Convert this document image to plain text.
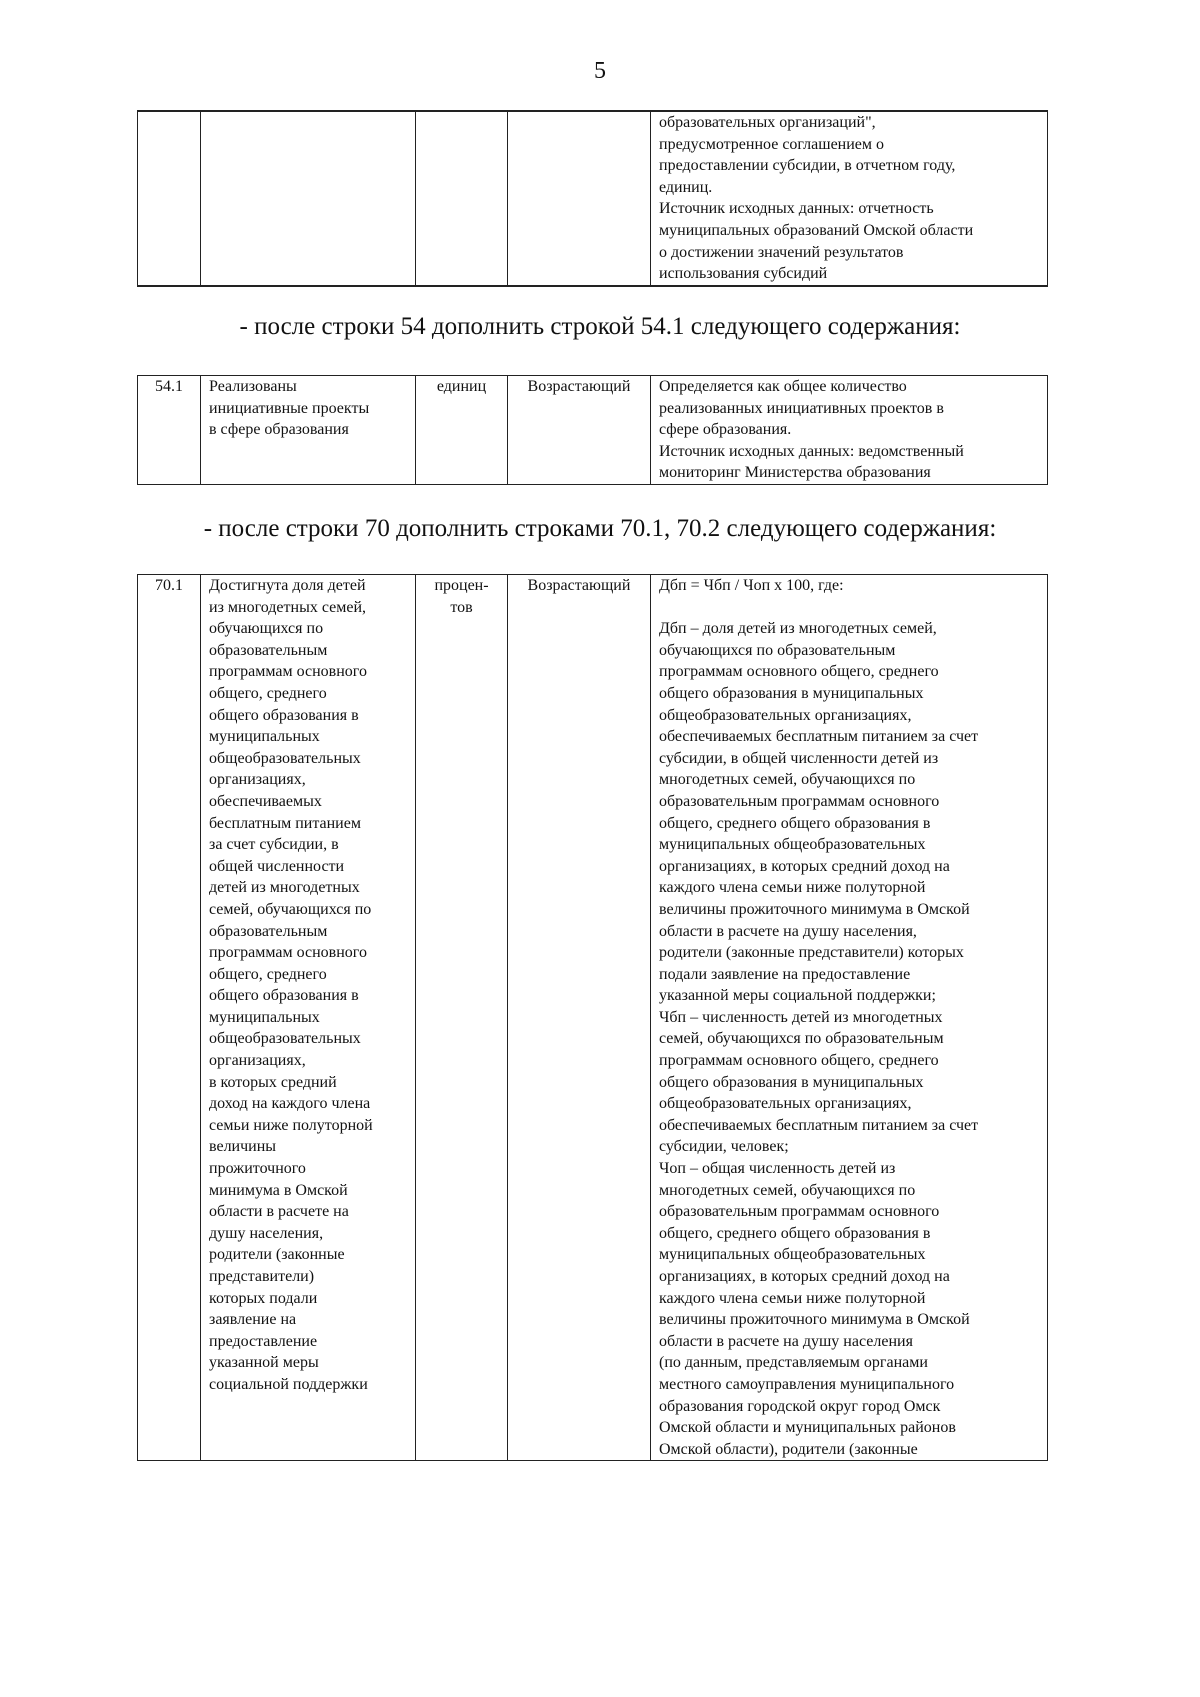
5
				образовательных организаций",
предусмотренное соглашением о
предоставлении субсидии, в отчетном году,
единиц.
Источник исходных данных: отчетность
муниципальных образований Омской области
о достижении значений результатов
использования субсидий
- после строки 54 дополнить строкой 54.1 следующего содержания:
54.1	Реализованы
инициативные проекты
в сфере образования	единиц	Возрастающий	Определяется как общее количество
реализованных инициативных проектов в
сфере образования.
Источник исходных данных: ведомственный
мониторинг Министерства образования
- после строки 70 дополнить строками 70.1, 70.2 следующего содержания:
70.1	Достигнута доля детей
из многодетных семей,
обучающихся по
образовательным
программам основного
общего, среднего
общего образования в
муниципальных
общеобразовательных
организациях,
обеспечиваемых
бесплатным питанием
за счет субсидии, в
общей численности
детей из многодетных
семей, обучающихся по
образовательным
программам основного
общего, среднего
общего образования в
муниципальных
общеобразовательных
организациях,
в которых средний
доход на каждого члена
семьи ниже полуторной
величины
прожиточного
минимума в Омской
области в расчете на
душу населения,
родители (законные
представители)
которых подали
заявление на
предоставление
указанной меры
социальной поддержки	процен-
тов	Возрастающий	Дбп = Чбп / Чоп x 100, где:

Дбп – доля детей из многодетных семей,
обучающихся по образовательным
программам основного общего, среднего
общего образования в муниципальных
общеобразовательных организациях,
обеспечиваемых бесплатным питанием за счет
субсидии, в общей численности детей из
многодетных семей, обучающихся по
образовательным программам основного
общего, среднего общего образования в
муниципальных общеобразовательных
организациях, в которых средний доход на
каждого члена семьи ниже полуторной
величины прожиточного минимума в Омской
области в расчете на душу населения,
родители (законные представители) которых
подали заявление на предоставление
указанной меры социальной поддержки;
Чбп – численность детей из многодетных
семей, обучающихся по образовательным
программам основного общего, среднего
общего образования в муниципальных
общеобразовательных организациях,
обеспечиваемых бесплатным питанием за счет
субсидии, человек;
Чоп – общая численность детей из
многодетных семей, обучающихся по
образовательным программам основного
общего, среднего общего образования в
муниципальных общеобразовательных
организациях, в которых средний доход на
каждого члена семьи ниже полуторной
величины прожиточного минимума в Омской
области в расчете на душу населения
(по данным, представляемым органами
местного самоуправления муниципального
образования городской округ город Омск
Омской области и муниципальных районов
Омской области), родители (законные
